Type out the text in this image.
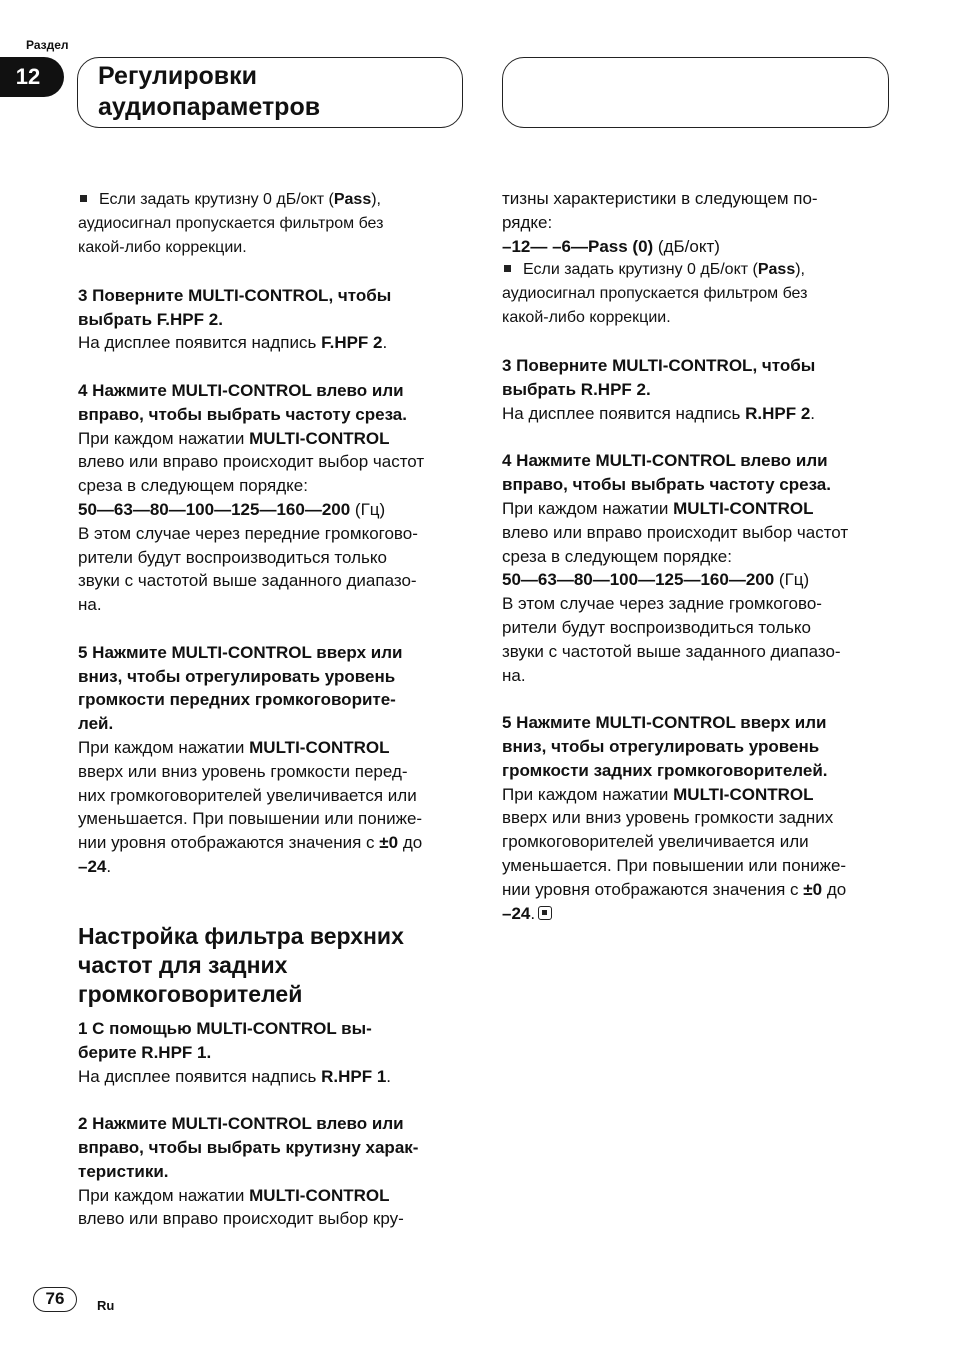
Раздел
12	Регулировки
аудиопараметров

Если задать крутизну 0 дБ/окт (Pass),

аудиосигнал пропускается фильтром без

какой-либо коррекции.

3 Поверните MULTI-CONTROL, чтобы

выбрать F.HPF 2.

На дисплее появится надпись F.HPF 2.

4 Нажмите MULTI-CONTROL влево или

вправо, чтобы выбрать частоту среза.

При каждом нажатии MULTI-CONTROL

влево или вправо происходит выбор частот

среза в следующем порядке:

50—63—80—100—125—160—200 (Гц)

В этом случае через передние громкогово-

рители будут воспроизводиться только

звуки с частотой выше заданного диапазо-

на.

5 Нажмите MULTI-CONTROL вверх или

вниз, чтобы отрегулировать уровень

громкости передних громкоговорите-

лей.

При каждом нажатии MULTI-CONTROL

вверх или вниз уровень громкости перед-

них громкоговорителей увеличивается или

уменьшается. При повышении или пониже-

нии уровня отображаются значения с ±0 до

–24.

Настройка фильтра верхних

частот для задних

громкоговорителей

1 С помощью MULTI-CONTROL вы-

берите R.HPF 1.

На дисплее появится надпись R.HPF 1.

2 Нажмите MULTI-CONTROL влево или

вправо, чтобы выбрать крутизну харак-

теристики.

При каждом нажатии MULTI-CONTROL

влево или вправо происходит выбор кру-

тизны характеристики в следующем по-

рядке:

–12— –6—Pass (0) (дБ/окт)

Если задать крутизну 0 дБ/окт (Pass),

аудиосигнал пропускается фильтром без

какой-либо коррекции.

3 Поверните MULTI-CONTROL, чтобы

выбрать R.HPF 2.

На дисплее появится надпись R.HPF 2.

4 Нажмите MULTI-CONTROL влево или

вправо, чтобы выбрать частоту среза.

При каждом нажатии MULTI-CONTROL

влево или вправо происходит выбор частот

среза в следующем порядке:

50—63—80—100—125—160—200 (Гц)

В этом случае через задние громкогово-

рители будут воспроизводиться только

звуки с частотой выше заданного диапазо-

на.

5 Нажмите MULTI-CONTROL вверх или

вниз, чтобы отрегулировать уровень

громкости задних громкоговорителей.

При каждом нажатии MULTI-CONTROL

вверх или вниз уровень громкости задних

громкоговорителей увеличивается или

уменьшается. При повышении или пониже-

нии уровня отображаются значения с ±0 до

–24.

76	Ru
